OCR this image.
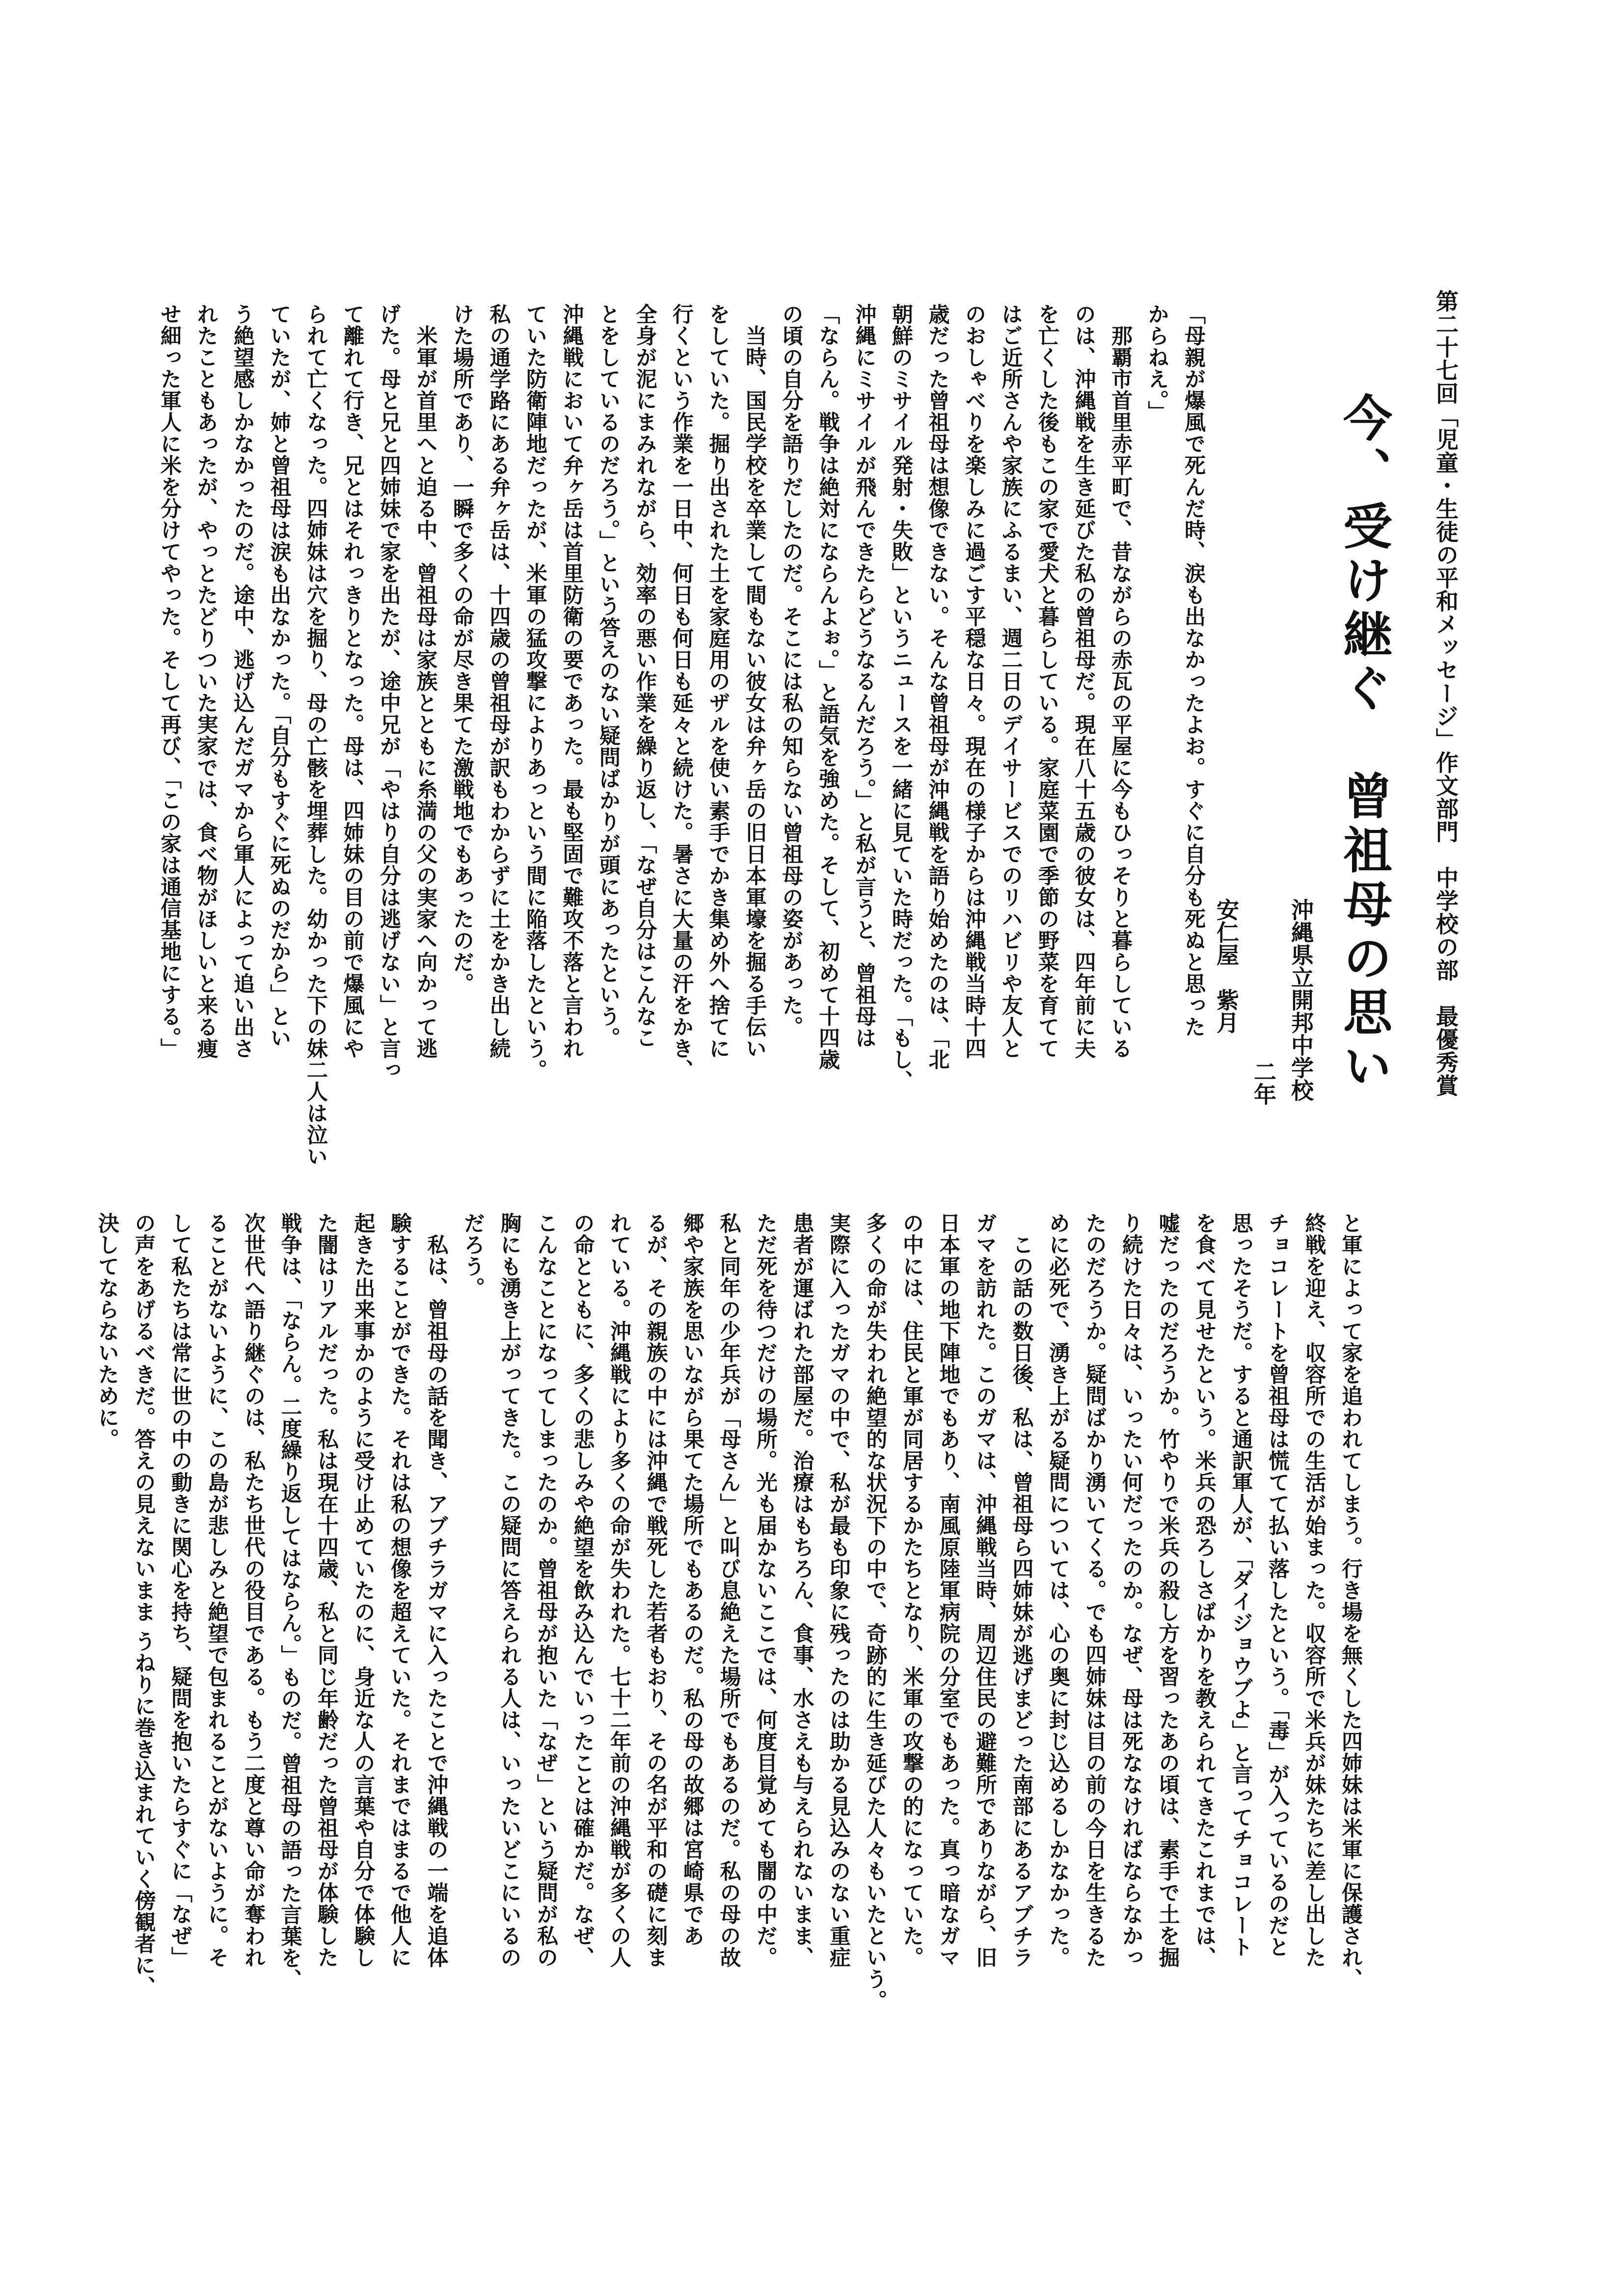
第二十七回「児童・生徒の平和メッセージ」作文部門　中学校の部　最優秀賞
今、受け継ぐ　曾祖母の思い
沖縄県立開邦中学校
二年
安仁屋　紫月

「母親が爆風で死んだ時、涙も出なかったよお。すぐに自分も死ぬと思った

からねえ。」

　那覇市首里赤平町で、昔ながらの赤瓦の平屋に今もひっそりと暮らしている

のは、沖縄戦を生き延びた私の曾祖母だ。現在八十五歳の彼女は、四年前に夫

を亡くした後もこの家で愛犬と暮らしている。家庭菜園で季節の野菜を育てて

はご近所さんや家族にふるまい、週二日のデイサービスでのリハビリや友人と

のおしゃべりを楽しみに過ごす平穏な日々。現在の様子からは沖縄戦当時十四

歳だった曾祖母は想像できない。そんな曾祖母が沖縄戦を語り始めたのは、「北

朝鮮のミサイル発射・失敗」というニュースを一緒に見ていた時だった。「もし、

沖縄にミサイルが飛んできたらどうなるんだろう。」と私が言うと、曾祖母は

「ならん。戦争は絶対にならんよぉ。」と語気を強めた。そして、初めて十四歳

の頃の自分を語りだしたのだ。そこには私の知らない曾祖母の姿があった。

　当時、国民学校を卒業して間もない彼女は弁ヶ岳の旧日本軍壕を掘る手伝い

をしていた。掘り出された土を家庭用のザルを使い素手でかき集め外へ捨てに

行くという作業を一日中、何日も何日も延々と続けた。暑さに大量の汗をかき、

全身が泥にまみれながら、効率の悪い作業を繰り返し、「なぜ自分はこんなこ

とをしているのだろう。」という答えのない疑問ばかりが頭にあったという。

沖縄戦において弁ヶ岳は首里防衛の要であった。最も堅固で難攻不落と言われ

ていた防衛陣地だったが、米軍の猛攻撃によりあっという間に陥落したという。

私の通学路にある弁ヶ岳は、十四歳の曾祖母が訳もわからずに土をかき出し続

けた場所であり、一瞬で多くの命が尽き果てた激戦地でもあったのだ。

　米軍が首里へと迫る中、曾祖母は家族とともに糸満の父の実家へ向かって逃

げた。母と兄と四姉妹で家を出たが、途中兄が「やはり自分は逃げない」と言っ

て離れて行き、兄とはそれっきりとなった。母は、四姉妹の目の前で爆風にや

られて亡くなった。四姉妹は穴を掘り、母の亡骸を埋葬した。幼かった下の妹二人は泣い

ていたが、姉と曾祖母は涙も出なかった。「自分もすぐに死ぬのだから」とい

う絶望感しかなかったのだ。途中、逃げ込んだガマから軍人によって追い出さ

れたこともあったが、やっとたどりついた実家では、食べ物がほしいと来る痩

せ細った軍人に米を分けてやった。そして再び、「この家は通信基地にする。」

と軍によって家を追われてしまう。行き場を無くした四姉妹は米軍に保護され、

終戦を迎え、収容所での生活が始まった。収容所で米兵が妹たちに差し出した

チョコレートを曾祖母は慌てて払い落したという。「毒」が入っているのだと

思ったそうだ。すると通訳軍人が、「ダイジョウブよ」と言ってチョコレート

を食べて見せたという。米兵の恐ろしさばかりを教えられてきたこれまでは、

嘘だったのだろうか。竹やりで米兵の殺し方を習ったあの頃は、素手で土を掘

り続けた日々は、いったい何だったのか。なぜ、母は死ななければならなかっ

たのだろうか。疑問ばかり湧いてくる。でも四姉妹は目の前の今日を生きるた

めに必死で、湧き上がる疑問については、心の奥に封じ込めるしかなかった。

　この話の数日後、私は、曾祖母ら四姉妹が逃げまどった南部にあるアブチラ

ガマを訪れた。このガマは、沖縄戦当時、周辺住民の避難所でありながら、旧

日本軍の地下陣地でもあり、南風原陸軍病院の分室でもあった。真っ暗なガマ

の中には、住民と軍が同居するかたちとなり、米軍の攻撃の的になっていた。

多くの命が失われ絶望的な状況下の中で、奇跡的に生き延びた人々もいたという。

実際に入ったガマの中で、私が最も印象に残ったのは助かる見込みのない重症

患者が運ばれた部屋だ。治療はもちろん、食事、水さえも与えられないまま、

ただ死を待つだけの場所。光も届かないここでは、何度目覚めても闇の中だ。

私と同年の少年兵が「母さん」と叫び息絶えた場所でもあるのだ。私の母の故

郷や家族を思いながら果てた場所でもあるのだ。私の母の故郷は宮崎県であ

るが、その親族の中には沖縄で戦死した若者もおり、その名が平和の礎に刻ま

れている。沖縄戦により多くの命が失われた。七十二年前の沖縄戦が多くの人

の命とともに、多くの悲しみや絶望を飲み込んでいったことは確かだ。なぜ、

こんなことになってしまったのか。曾祖母が抱いた「なぜ」という疑問が私の

胸にも湧き上がってきた。この疑問に答えられる人は、いったいどこにいるの

だろう。

　私は、曾祖母の話を聞き、アブチラガマに入ったことで沖縄戦の一端を追体

験することができた。それは私の想像を超えていた。それまではまるで他人に

起きた出来事かのように受け止めていたのに、身近な人の言葉や自分で体験し

た闇はリアルだった。私は現在十四歳、私と同じ年齢だった曾祖母が体験した

戦争は、「ならん。二度繰り返してはならん。」ものだ。曾祖母の語った言葉を、

次世代へ語り継ぐのは、私たち世代の役目である。もう二度と尊い命が奪われ

ることがないように、この島が悲しみと絶望で包まれることがないように。そ

して私たちは常に世の中の動きに関心を持ち、疑問を抱いたらすぐに「なぜ」

の声をあげるべきだ。答えの見えないまま うねりに巻き込まれていく傍観者に、

決してならないために。
